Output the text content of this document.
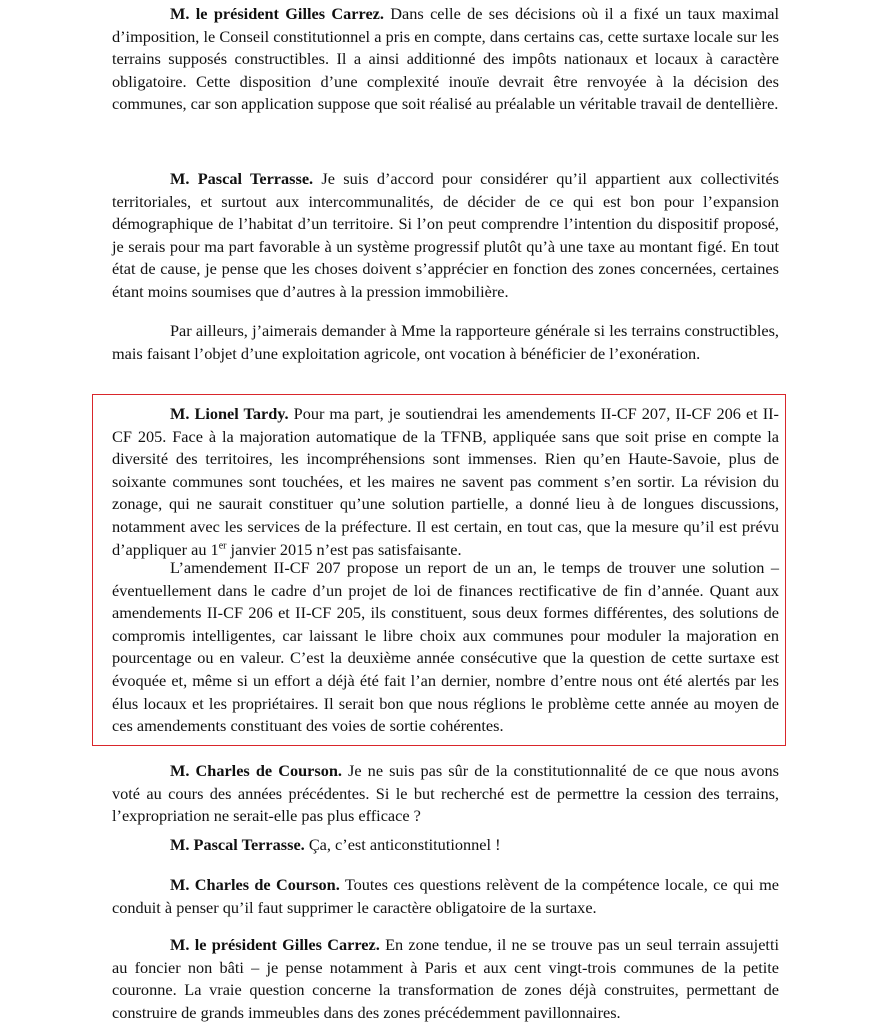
M. le président Gilles Carrez. Dans celle de ses décisions où il a fixé un taux maximal d’imposition, le Conseil constitutionnel a pris en compte, dans certains cas, cette surtaxe locale sur les terrains supposés constructibles. Il a ainsi additionné des impôts nationaux et locaux à caractère obligatoire. Cette disposition d’une complexité inouïe devrait être renvoyée à la décision des communes, car son application suppose que soit réalisé au préalable un véritable travail de dentellière.

M. Pascal Terrasse. Je suis d’accord pour considérer qu’il appartient aux collectivités territoriales, et surtout aux intercommunalités, de décider de ce qui est bon pour l’expansion démographique de l’habitat d’un territoire. Si l’on peut comprendre l’intention du dispositif proposé, je serais pour ma part favorable à un système progressif plutôt qu’à une taxe au montant figé. En tout état de cause, je pense que les choses doivent s’apprécier en fonction des zones concernées, certaines étant moins soumises que d’autres à la pression immobilière.

Par ailleurs, j’aimerais demander à Mme la rapporteure générale si les terrains constructibles, mais faisant l’objet d’une exploitation agricole, ont vocation à bénéficier de l’exonération.

M. Lionel Tardy. Pour ma part, je soutiendrai les amendements II-CF 207, II-CF 206 et II-CF 205. Face à la majoration automatique de la TFNB, appliquée sans que soit prise en compte la diversité des territoires, les incompréhensions sont immenses. Rien qu’en Haute-Savoie, plus de soixante communes sont touchées, et les maires ne savent pas comment s’en sortir. La révision du zonage, qui ne saurait constituer qu’une solution partielle, a donné lieu à de longues discussions, notamment avec les services de la préfecture. Il est certain, en tout cas, que la mesure qu’il est prévu d’appliquer au 1er janvier 2015 n’est pas satisfaisante.

L’amendement II-CF 207 propose un report de un an, le temps de trouver une solution – éventuellement dans le cadre d’un projet de loi de finances rectificative de fin d’année. Quant aux amendements II-CF 206 et II-CF 205, ils constituent, sous deux formes différentes, des solutions de compromis intelligentes, car laissant le libre choix aux communes pour moduler la majoration en pourcentage ou en valeur. C’est la deuxième année consécutive que la question de cette surtaxe est évoquée et, même si un effort a déjà été fait l’an dernier, nombre d’entre nous ont été alertés par les élus locaux et les propriétaires. Il serait bon que nous réglions le problème cette année au moyen de ces amendements constituant des voies de sortie cohérentes.

M. Charles de Courson. Je ne suis pas sûr de la constitutionnalité de ce que nous avons voté au cours des années précédentes. Si le but recherché est de permettre la cession des terrains, l’expropriation ne serait-elle pas plus efficace ?

M. Pascal Terrasse. Ça, c’est anticonstitutionnel !

M. Charles de Courson. Toutes ces questions relèvent de la compétence locale, ce qui me conduit à penser qu’il faut supprimer le caractère obligatoire de la surtaxe.

M. le président Gilles Carrez. En zone tendue, il ne se trouve pas un seul terrain assujetti au foncier non bâti – je pense notamment à Paris et aux cent vingt-trois communes de la petite couronne. La vraie question concerne la transformation de zones déjà construites, permettant de construire de grands immeubles dans des zones précédemment pavillonnaires.
